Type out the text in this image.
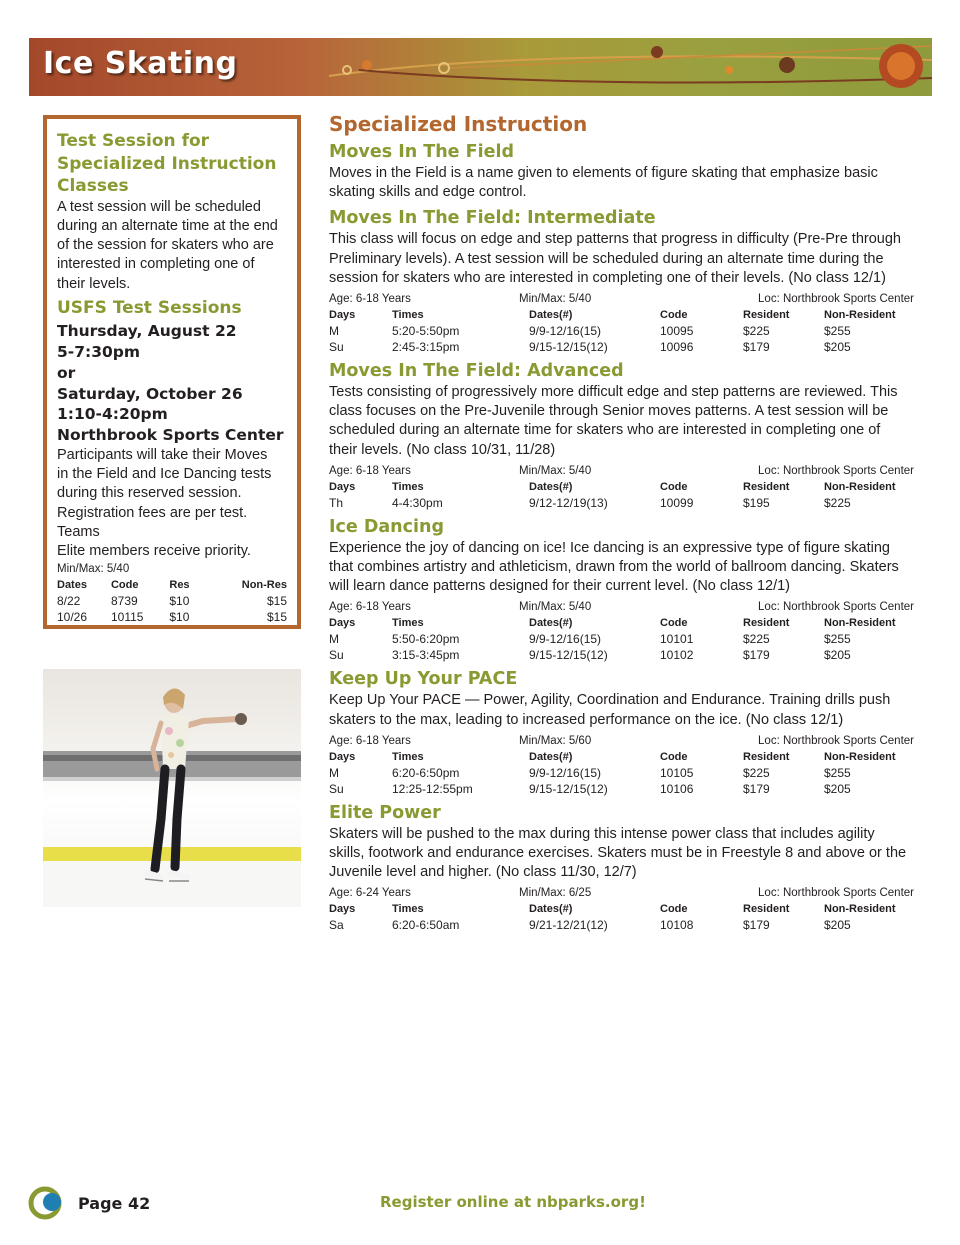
Ice Skating
Test Session for
Specialized Instruction
Classes
A test session will be scheduled
during an alternate time at the end
of the session for skaters who are
interested in completing one of
their levels.
USFS Test Sessions
Thursday, August 22
5-7:30pm
or
Saturday, October 26
1:10-4:20pm
Northbrook Sports Center
Participants will take their Moves
in the Field and Ice Dancing tests
during this reserved session.
Registration fees are per test. Teams
Elite members receive priority.
Min/Max: 5/40
Dates	Code	Res	Non-Res
8/22	8739	$10	$15
10/26	10115	$10	$15
Specialized Instruction
Moves In The Field
Moves in the Field is a name given to elements of figure skating that emphasize basic
skating skills and edge control.
Moves In The Field: Intermediate
This class will focus on edge and step patterns that progress in difficulty (Pre-Pre through
Preliminary levels). A test session will be scheduled during an alternate time during the
session for skaters who are interested in completing one of their levels. (No class 12/1)
Age: 6-18 Years	Min/Max: 5/40	Loc: Northbrook Sports Center
Days	Times	Dates(#)	Code	Resident	Non-Resident
M	5:20-5:50pm	9/9-12/16(15)	10095	$225	$255
Su	2:45-3:15pm	9/15-12/15(12)	10096	$179	$205
Moves In The Field: Advanced
Tests consisting of progressively more difficult edge and step patterns are reviewed. This
class focuses on the Pre-Juvenile through Senior moves patterns. A test session will be
scheduled during an alternate time for skaters who are interested in completing one of
their levels. (No class 10/31, 11/28)
Age: 6-18 Years	Min/Max: 5/40	Loc: Northbrook Sports Center
Days	Times	Dates(#)	Code	Resident	Non-Resident
Th	4-4:30pm	9/12-12/19(13)	10099	$195	$225
Ice Dancing
Experience the joy of dancing on ice! Ice dancing is an expressive type of figure skating
that combines artistry and athleticism, drawn from the world of ballroom dancing. Skaters
will learn dance patterns designed for their current level. (No class 12/1)
Age: 6-18 Years	Min/Max: 5/40	Loc: Northbrook Sports Center
Days	Times	Dates(#)	Code	Resident	Non-Resident
M	5:50-6:20pm	9/9-12/16(15)	10101	$225	$255
Su	3:15-3:45pm	9/15-12/15(12)	10102	$179	$205
Keep Up Your PACE
Keep Up Your PACE — Power, Agility, Coordination and Endurance. Training drills push
skaters to the max, leading to increased performance on the ice. (No class 12/1)
Age: 6-18 Years	Min/Max: 5/60	Loc: Northbrook Sports Center
Days	Times	Dates(#)	Code	Resident	Non-Resident
M	6:20-6:50pm	9/9-12/16(15)	10105	$225	$255
Su	12:25-12:55pm	9/15-12/15(12)	10106	$179	$205
Elite Power
Skaters will be pushed to the max during this intense power class that includes agility
skills, footwork and endurance exercises. Skaters must be in Freestyle 8 and above or the
Juvenile level and higher. (No class 11/30, 12/7)
Age: 6-24 Years	Min/Max: 6/25	Loc: Northbrook Sports Center
Days	Times	Dates(#)	Code	Resident	Non-Resident
Sa	6:20-6:50am	9/21-12/21(12)	10108	$179	$205
Page 42	Register online at nbparks.org!
